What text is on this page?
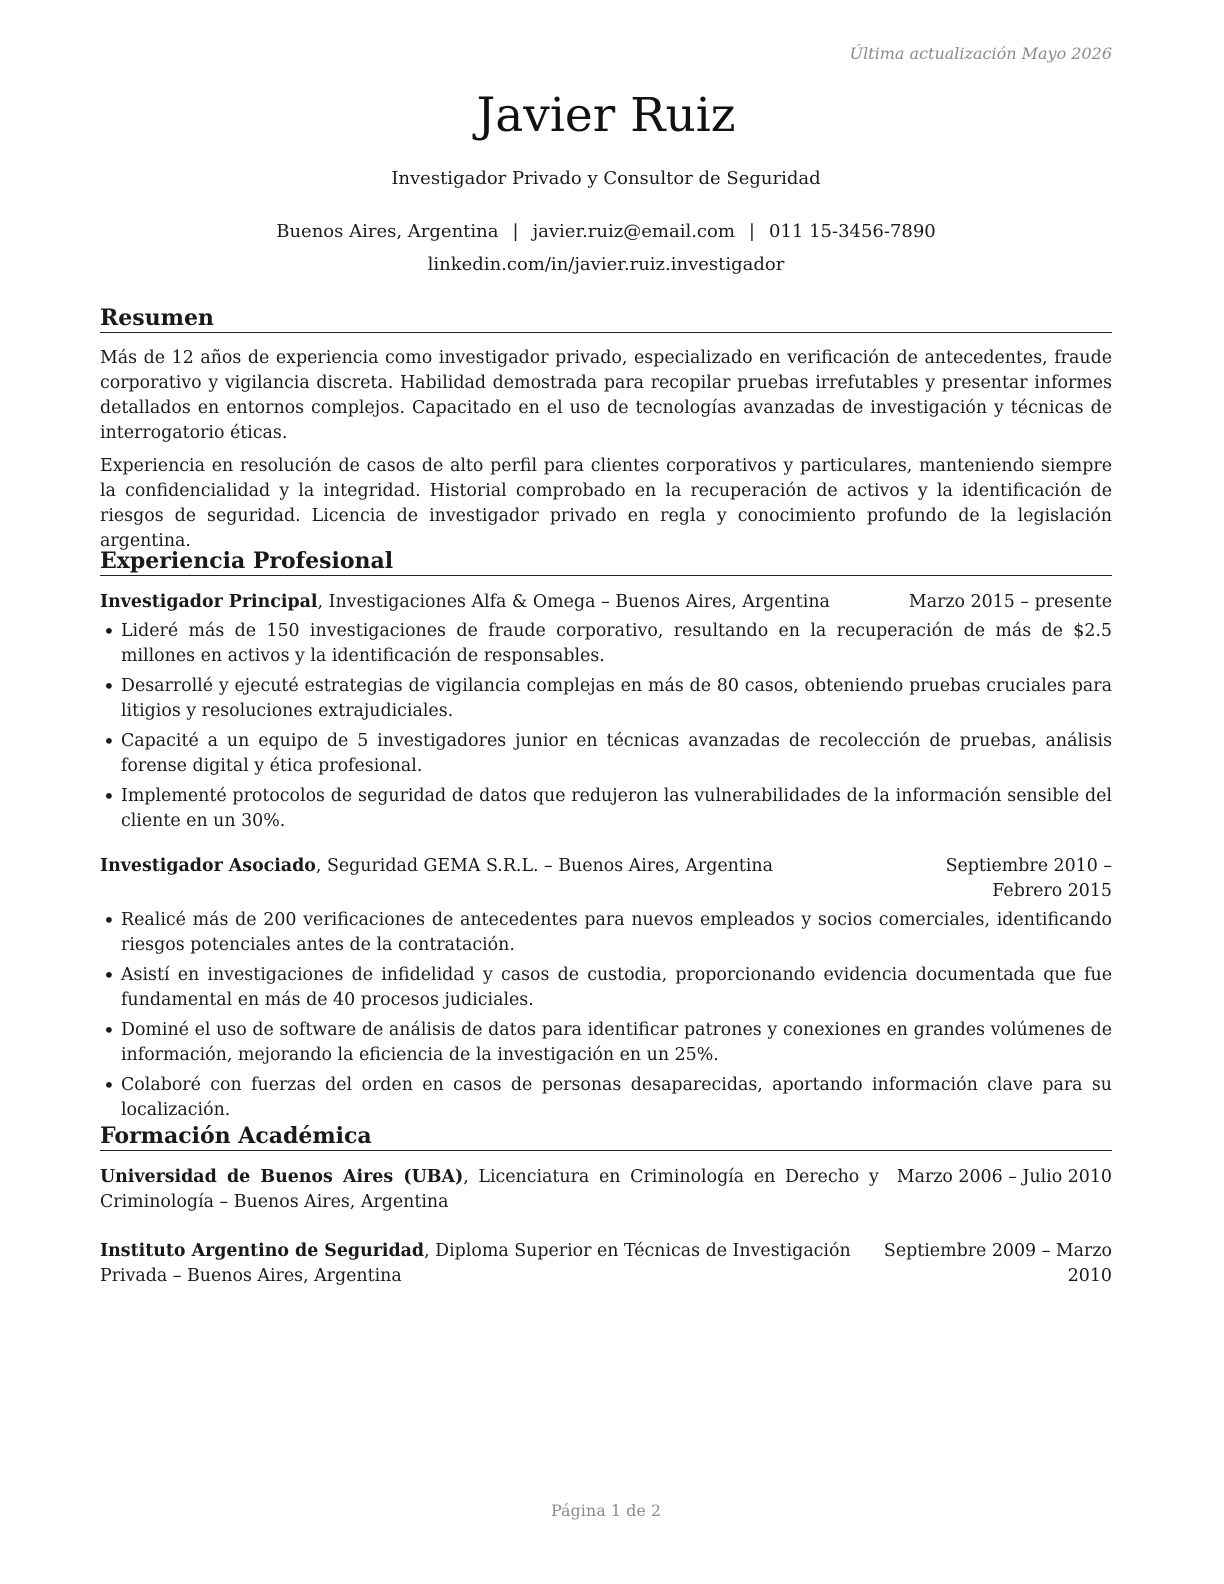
Última actualización Mayo 2026
Javier Ruiz
Investigador Privado y Consultor de Seguridad
Buenos Aires, Argentina | javier.ruiz@email.com | 011 15-3456-7890
linkedin.com/in/javier.ruiz.investigador
Resumen

Más de 12 años de experiencia como investigador privado, especializado en verificación de antecedentes, fraude corporativo y vigilancia discreta. Habilidad demostrada para recopilar pruebas irrefutables y presentar informes detallados en entornos complejos. Capacitado en el uso de tecnologías avanzadas de investigación y técnicas de interrogatorio éticas.

Experiencia en resolución de casos de alto perfil para clientes corporativos y particulares, manteniendo siempre la confidencialidad y la integridad. Historial comprobado en la recuperación de activos y la identificación de riesgos de seguridad. Licencia de investigador privado en regla y conocimiento profundo de la legislación argentina.

Experiencia Profesional
Investigador Principal, Investigaciones Alfa & Omega – Buenos Aires, Argentina	Marzo 2015 – presente
• Lideré más de 150 investigaciones de fraude corporativo, resultando en la recuperación de más de $2.5 millones en activos y la identificación de responsables.
• Desarrollé y ejecuté estrategias de vigilancia complejas en más de 80 casos, obteniendo pruebas cruciales para litigios y resoluciones extrajudiciales.
• Capacité a un equipo de 5 investigadores junior en técnicas avanzadas de recolección de pruebas, análisis forense digital y ética profesional.
• Implementé protocolos de seguridad de datos que redujeron las vulnerabilidades de la información sensible del cliente en un 30%.
Investigador Asociado, Seguridad GEMA S.R.L. – Buenos Aires, Argentina	Septiembre 2010 – Febrero 2015
• Realicé más de 200 verificaciones de antecedentes para nuevos empleados y socios comerciales, identificando riesgos potenciales antes de la contratación.
• Asistí en investigaciones de infidelidad y casos de custodia, proporcionando evidencia documentada que fue fundamental en más de 40 procesos judiciales.
• Dominé el uso de software de análisis de datos para identificar patrones y conexiones en grandes volúmenes de información, mejorando la eficiencia de la investigación en un 25%.
• Colaboré con fuerzas del orden en casos de personas desaparecidas, aportando información clave para su localización.
Formación Académica
Universidad de Buenos Aires (UBA), Licenciatura en Criminología en Derecho y Criminología – Buenos Aires, Argentina
Marzo 2006 – Julio 2010
Instituto Argentino de Seguridad, Diploma Superior en Técnicas de Investigación Privada – Buenos Aires, Argentina
Septiembre 2009 – Marzo 2010
Página 1 de 2
